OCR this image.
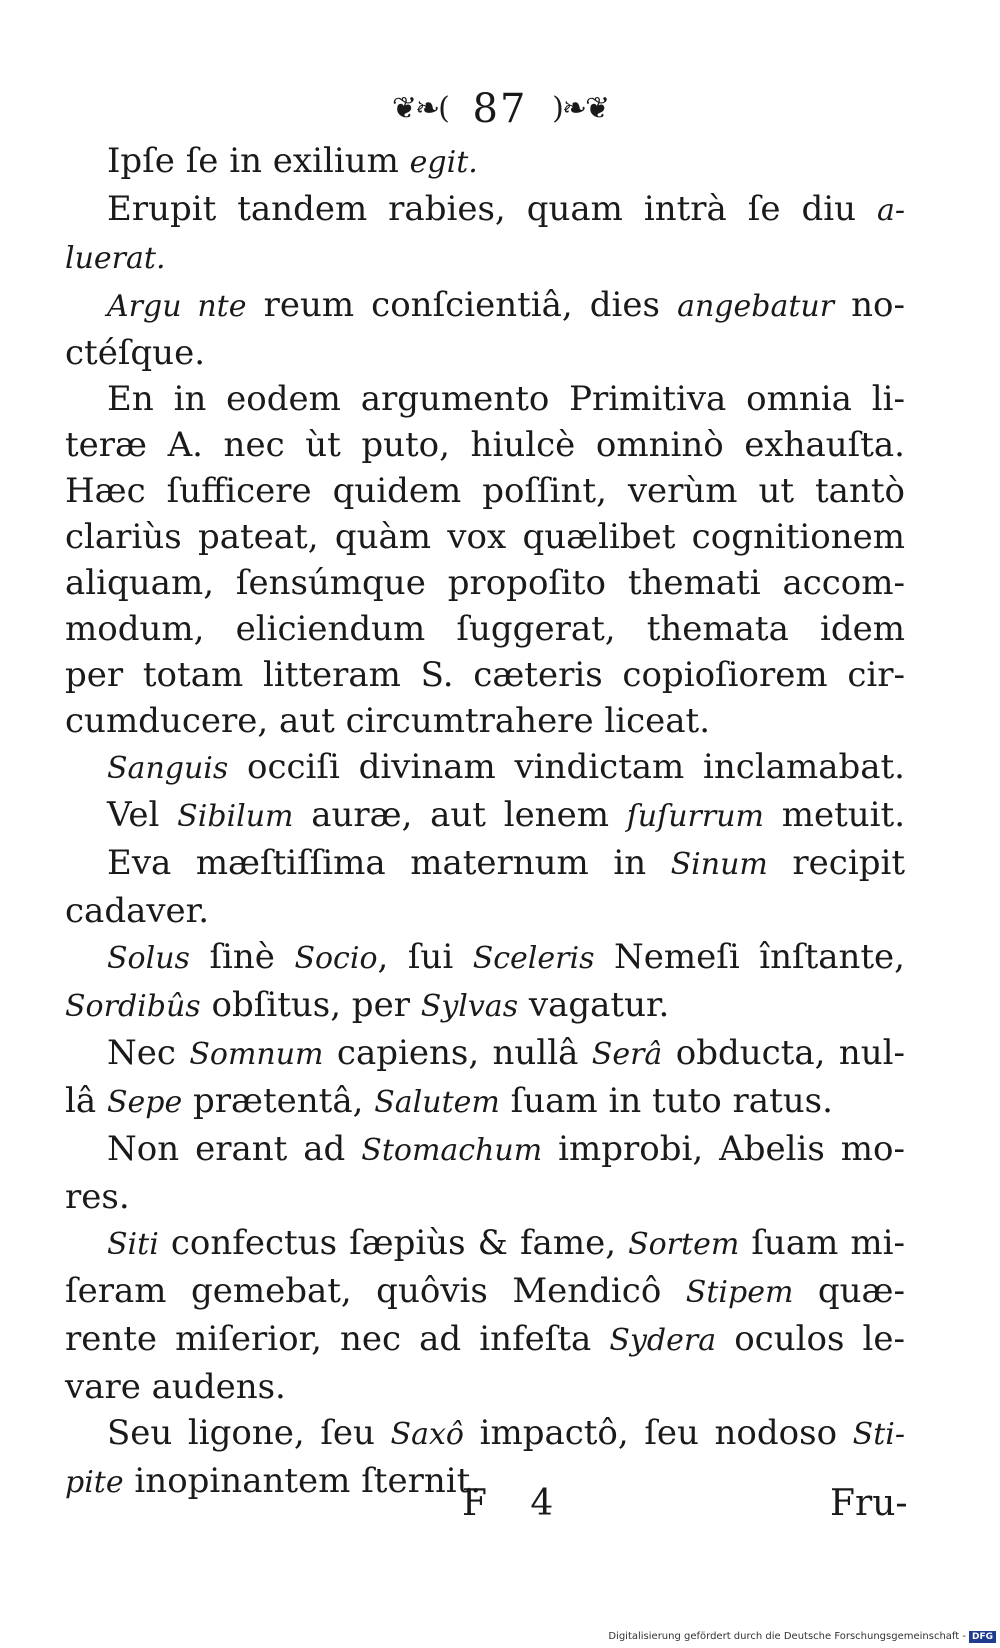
❦❧( 87 )❧❦
Ipſe ſe in exilium egit.
Erupit tandem rabies, quam intrà ſe diu a-
luerat.
Argu nte reum conſcientiâ, dies angebatur no-
ctéſque.
En in eodem argumento Primitiva omnia li-
teræ A. nec ùt puto, hiulcè omninò exhauſta.
Hæc ſufficere quidem poſſint, verùm ut tantò
clariùs pateat, quàm vox quælibet cognitionem
aliquam, ſensúmque propoſito themati accom-
modum, eliciendum ſuggerat, themata idem
per totam litteram S. cæteris copioſiorem cir-
cumducere, aut circumtrahere liceat.
Sanguis occiſi divinam vindictam inclamabat.
Vel Sibilum auræ, aut lenem ſuſurrum metuit.
Eva mæſtiſſima maternum in Sinum recipit
cadaver.
Solus ſinè Socio, ſui Sceleris Nemeſi înſtante,
Sordibûs obſitus, per Sylvas vagatur.
Nec Somnum capiens, nullâ Serâ obducta, nul-
lâ Sepe prætentâ, Salutem ſuam in tuto ratus.
Non erant ad Stomachum improbi, Abelis mo-
res.
Siti confectus ſæpiùs & fame, Sortem ſuam mi-
ſeram gemebat, quôvis Mendicô Stipem quæ-
rente miſerior, nec ad infeſta Sydera oculos le-
vare audens.
Seu ligone, ſeu Saxô impactô, ſeu nodoso Sti-
pite inopinantem ſternit.
F 4	Fru-
Digitalisierung gefördert durch die Deutsche Forschungsgemeinschaft - DFG
